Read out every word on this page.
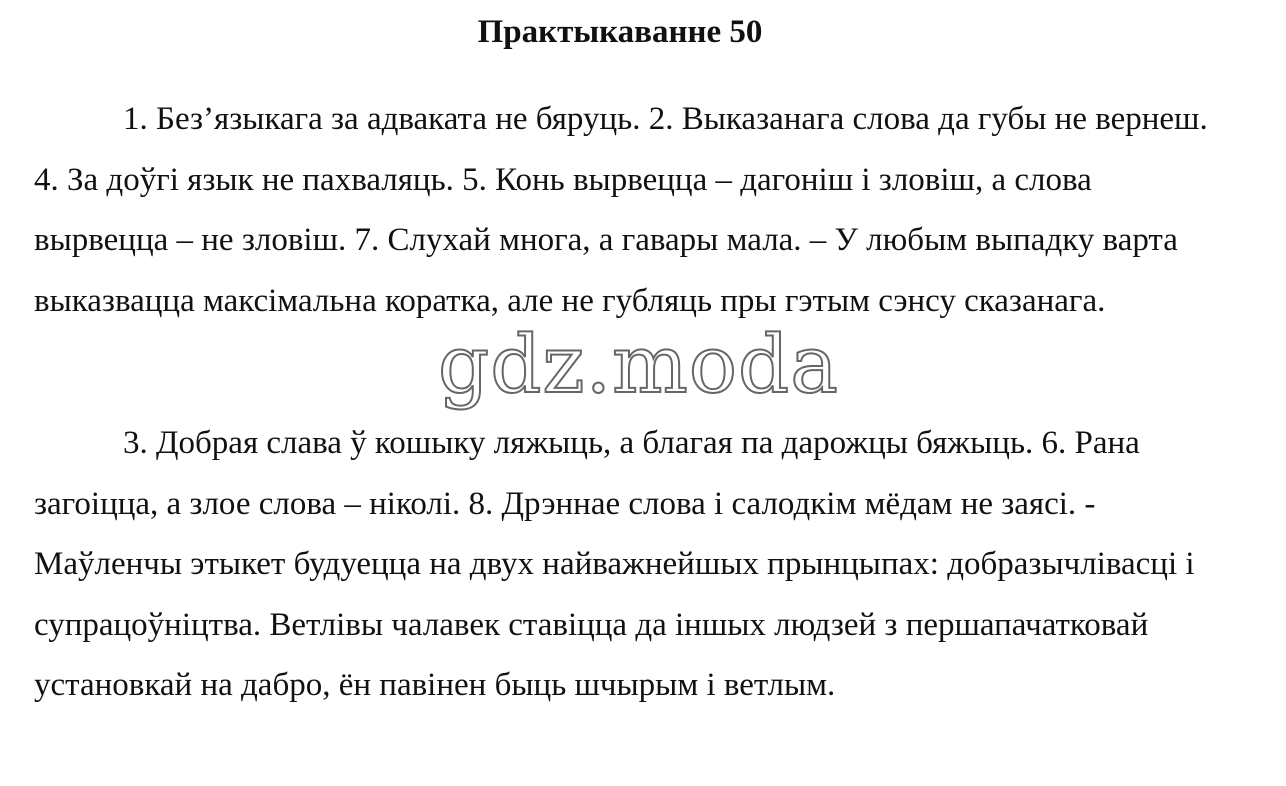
Практыкаванне 50

1. Без’языкага за адваката не бяруць. 2. Выказанага слова да губы не вернеш. 4. За доўгі язык не пахваляць. 5. Конь вырвецца – дагоніш і зловіш, а слова вырвецца – не зловіш. 7. Слухай многа, а гавары мала. – У любым выпадку варта выказвацца максімальна коратка, але не губляць пры гэтым сэнсу сказанага.

3. Добрая слава ў кошыку ляжыць, а благая па дарожцы бяжыць. 6. Рана загоіцца, а злое слова – ніколі. 8. Дрэннае слова і салодкім мёдам не заясі. - Маўленчы этыкет будуецца на двух найважнейшых прынцыпах: добразычлівасці і супрацоўніцтва. Ветлівы чалавек ставіцца да іншых людзей з першапачатковай установкай на дабро, ён павінен быць шчырым і ветлым.

gdz.moda
